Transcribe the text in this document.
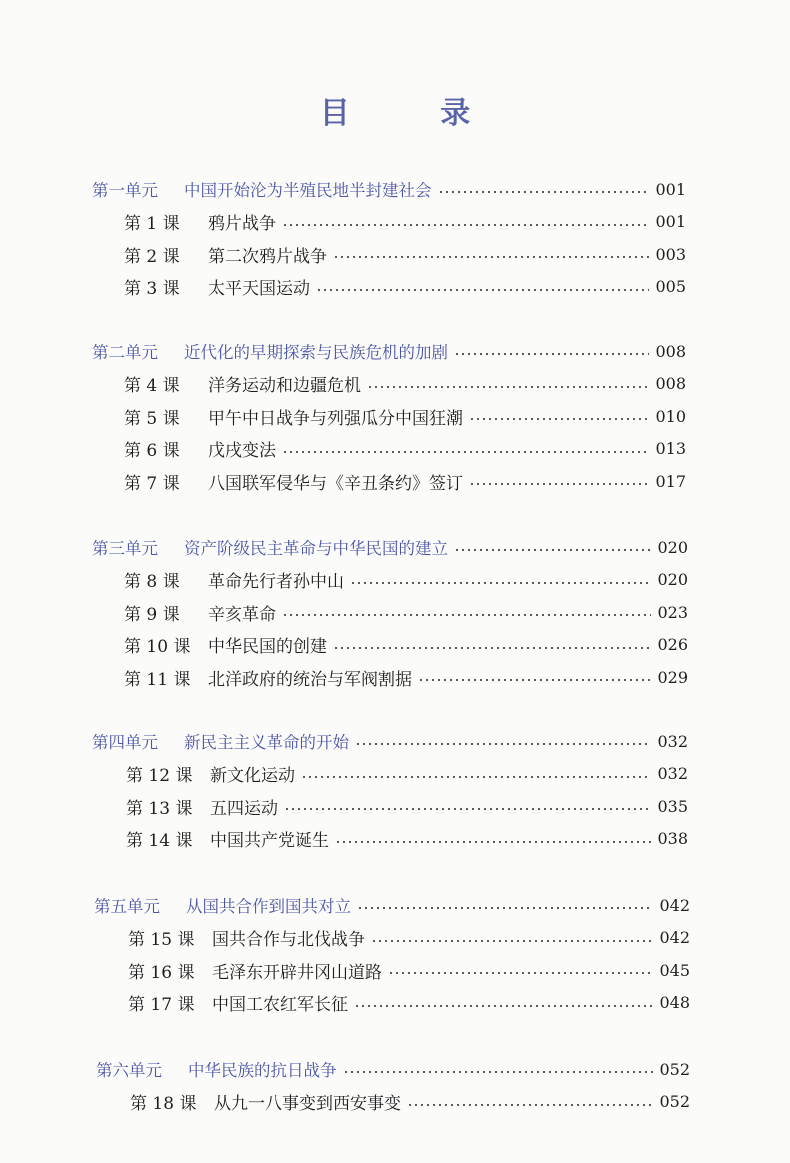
目 录
第一单元 中国开始沦为半殖民地半封建社会	001
第 1 课	鸦片战争	001
第 2 课	第二次鸦片战争	003
第 3 课	太平天国运动	005
第二单元 近代化的早期探索与民族危机的加剧	008
第 4 课	洋务运动和边疆危机	008
第 5 课	甲午中日战争与列强瓜分中国狂潮	010
第 6 课	戊戌变法	013
第 7 课	八国联军侵华与《辛丑条约》签订	017
第三单元 资产阶级民主革命与中华民国的建立	020
第 8 课	革命先行者孙中山	020
第 9 课	辛亥革命	023
第 10 课	中华民国的创建	026
第 11 课	北洋政府的统治与军阀割据	029
第四单元 新民主主义革命的开始	032
第 12 课	新文化运动	032
第 13 课	五四运动	035
第 14 课	中国共产党诞生	038
第五单元 从国共合作到国共对立	042
第 15 课	国共合作与北伐战争	042
第 16 课	毛泽东开辟井冈山道路	045
第 17 课	中国工农红军长征	048
第六单元 中华民族的抗日战争	052
第 18 课	从九一八事变到西安事变	052
